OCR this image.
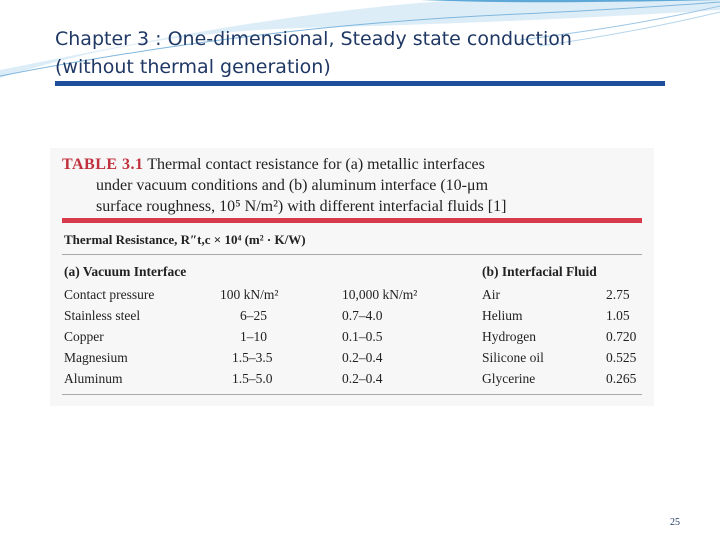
Chapter 3 : One-dimensional, Steady state conduction
(without thermal generation)
TABLE 3.1 Thermal contact resistance for (a) metallic interfaces
under vacuum conditions and (b) aluminum interface (10-μm
surface roughness, 10⁵ N/m²) with different interfacial fluids [1]
Thermal Resistance, R″t,c × 10⁴ (m² · K/W)
(a) Vacuum Interface	(b) Interfacial Fluid
Contact pressure	100 kN/m²	10,000 kN/m²	Air	2.75
Stainless steel	6–25	0.7–4.0	Helium	1.05
Copper	1–10	0.1–0.5	Hydrogen	0.720
Magnesium	1.5–3.5	0.2–0.4	Silicone oil	0.525
Aluminum	1.5–5.0	0.2–0.4	Glycerine	0.265
25
